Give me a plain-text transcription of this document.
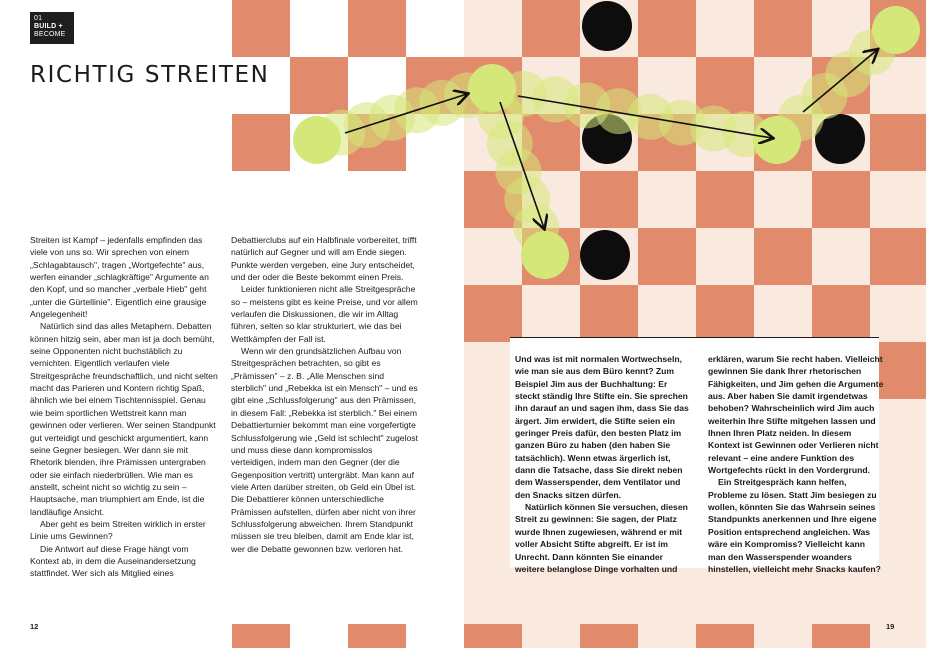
01
BUILD +
BECOME
RICHTIG STREITEN

Streiten ist Kampf – jedenfalls empfinden das viele von uns so. Wir sprechen von einem „Schlagabtausch", tragen „Wortgefechte" aus, werfen einander „schlagkräftige" Argumente an den Kopf, und so mancher „verbale Hieb" geht „unter die Gürtellinie". Eigentlich eine grausige Angelegenheit!

Natürlich sind das alles Metaphern. Debatten können hitzig sein, aber man ist ja doch bemüht, seine Opponenten nicht buchstäblich zu vernichten. Eigentlich verlaufen viele Streitgespräche freundschaftlich, und nicht selten macht das Parieren und Kontern richtig Spaß, ähnlich wie bei einem Tischtennisspiel. Genau wie beim sportlichen Wettstreit kann man gewinnen oder verlieren. Wer seinen Standpunkt gut verteidigt und geschickt argumentiert, kann seine Gegner besiegen. Wer dann sie mit Rhetorik blenden, ihre Prämissen untergraben oder sie einfach niederbrüllen. Wie man es anstellt, scheint nicht so wichtig zu sein – Hauptsache, man triumphiert am Ende, ist die landläufige Ansicht.

Aber geht es beim Streiten wirklich in erster Linie ums Gewinnen?

Die Antwort auf diese Frage hängt vom Kontext ab, in dem die Auseinandersetzung stattfindet. Wer sich als Mitglied eines

Debattierclubs auf ein Halbfinale vorbereitet, trifft natürlich auf Gegner und will am Ende siegen. Punkte werden vergeben, eine Jury entscheidet, und der oder die Beste bekommt einen Preis.

Leider funktionieren nicht alle Streitgespräche so – meistens gibt es keine Preise, und vor allem verlaufen die Diskussionen, die wir im Alltag führen, selten so klar strukturiert, wie das bei Wettkämpfen der Fall ist.

Wenn wir den grundsätzlichen Aufbau von Streitgesprächen betrachten, so gibt es „Prämissen" – z. B. „Alle Menschen sind sterblich" und „Rebekka ist ein Mensch" – und es gibt eine „Schlussfolgerung" aus den Prämissen, in diesem Fall: „Rebekka ist sterblich." Bei einem Debattierturnier bekommt man eine vorgefertigte Schlussfolgerung wie „Geld ist schlecht" zugelost und muss diese dann kompromisslos verteidigen, indem man den Gegner (der die Gegenposition vertritt) untergräbt. Man kann auf viele Arten darüber streiten, ob Geld ein Übel ist. Die Debattierer können unterschiedliche Prämissen aufstellen, dürfen aber nicht von ihrer Schlussfolgerung abweichen. Ihrem Standpunkt müssen sie treu bleiben, damit am Ende klar ist, wer die Debatte gewonnen bzw. verloren hat.

Und was ist mit normalen Wortwechseln, wie man sie aus dem Büro kennt? Zum Beispiel Jim aus der Buchhaltung: Er steckt ständig Ihre Stifte ein. Sie sprechen ihn darauf an und sagen ihm, dass Sie das ärgert. Jim erwidert, die Stifte seien ein geringer Preis dafür, den besten Platz im ganzen Büro zu haben (den haben Sie tatsächlich). Wenn etwas ärgerlich ist, dann die Tatsache, dass Sie direkt neben dem Wasserspender, dem Ventilator und den Snacks sitzen dürfen.

Natürlich können Sie versuchen, diesen Streit zu gewinnen: Sie sagen, der Platz wurde Ihnen zugewiesen, während er mit voller Absicht Stifte abgreift. Er ist im Unrecht. Dann könnten Sie einander weitere belanglose Dinge vorhalten und

erklären, warum Sie recht haben. Vielleicht gewinnen Sie dank Ihrer rhetorischen Fähigkeiten, und Jim gehen die Argumente aus. Aber haben Sie damit irgendetwas behoben? Wahrscheinlich wird Jim auch weiterhin Ihre Stifte mitgehen lassen und Ihnen Ihren Platz neiden. In diesem Kontext ist Gewinnen oder Verlieren nicht relevant – eine andere Funktion des Wortgefechts rückt in den Vordergrund.

Ein Streitgespräch kann helfen, Probleme zu lösen. Statt Jim besiegen zu wollen, könnten Sie das Wahrsein seines Standpunkts anerkennen und Ihre eigene Position entsprechend angleichen. Was wäre ein Kompromiss? Vielleicht kann man den Wasserspender woanders hinstellen, vielleicht mehr Snacks kaufen?

12	19
